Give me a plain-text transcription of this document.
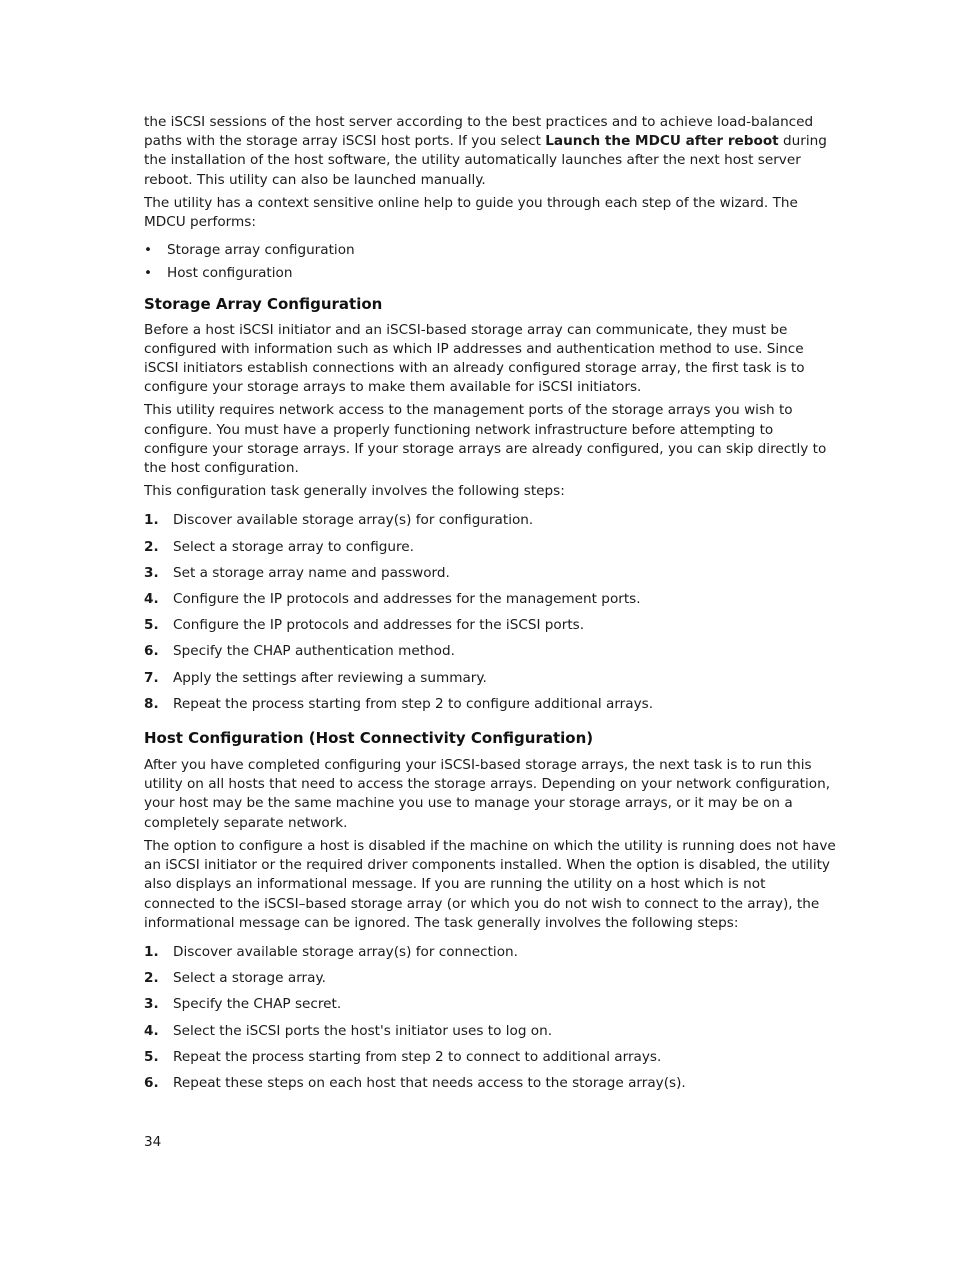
the iSCSI sessions of the host server according to the best practices and to achieve load-balanced paths with the storage array iSCSI host ports. If you select Launch the MDCU after reboot during the installation of the host software, the utility automatically launches after the next host server reboot. This utility can also be launched manually.

The utility has a context sensitive online help to guide you through each step of the wizard. The MDCU performs:

• Storage array configuration
• Host configuration
Storage Array Configuration

Before a host iSCSI initiator and an iSCSI-based storage array can communicate, they must be configured with information such as which IP addresses and authentication method to use. Since iSCSI initiators establish connections with an already configured storage array, the first task is to configure your storage arrays to make them available for iSCSI initiators.

This utility requires network access to the management ports of the storage arrays you wish to configure. You must have a properly functioning network infrastructure before attempting to configure your storage arrays. If your storage arrays are already configured, you can skip directly to the host configuration.

This configuration task generally involves the following steps:

1. Discover available storage array(s) for configuration.
2. Select a storage array to configure.
3. Set a storage array name and password.
4. Configure the IP protocols and addresses for the management ports.
5. Configure the IP protocols and addresses for the iSCSI ports.
6. Specify the CHAP authentication method.
7. Apply the settings after reviewing a summary.
8. Repeat the process starting from step 2 to configure additional arrays.
Host Configuration (Host Connectivity Configuration)

After you have completed configuring your iSCSI-based storage arrays, the next task is to run this utility on all hosts that need to access the storage arrays. Depending on your network configuration, your host may be the same machine you use to manage your storage arrays, or it may be on a completely separate network.

The option to configure a host is disabled if the machine on which the utility is running does not have an iSCSI initiator or the required driver components installed. When the option is disabled, the utility also displays an informational message. If you are running the utility on a host which is not connected to the iSCSI–based storage array (or which you do not wish to connect to the array), the informational message can be ignored. The task generally involves the following steps:

1. Discover available storage array(s) for connection.
2. Select a storage array.
3. Specify the CHAP secret.
4. Select the iSCSI ports the host's initiator uses to log on.
5. Repeat the process starting from step 2 to connect to additional arrays.
6. Repeat these steps on each host that needs access to the storage array(s).
34
